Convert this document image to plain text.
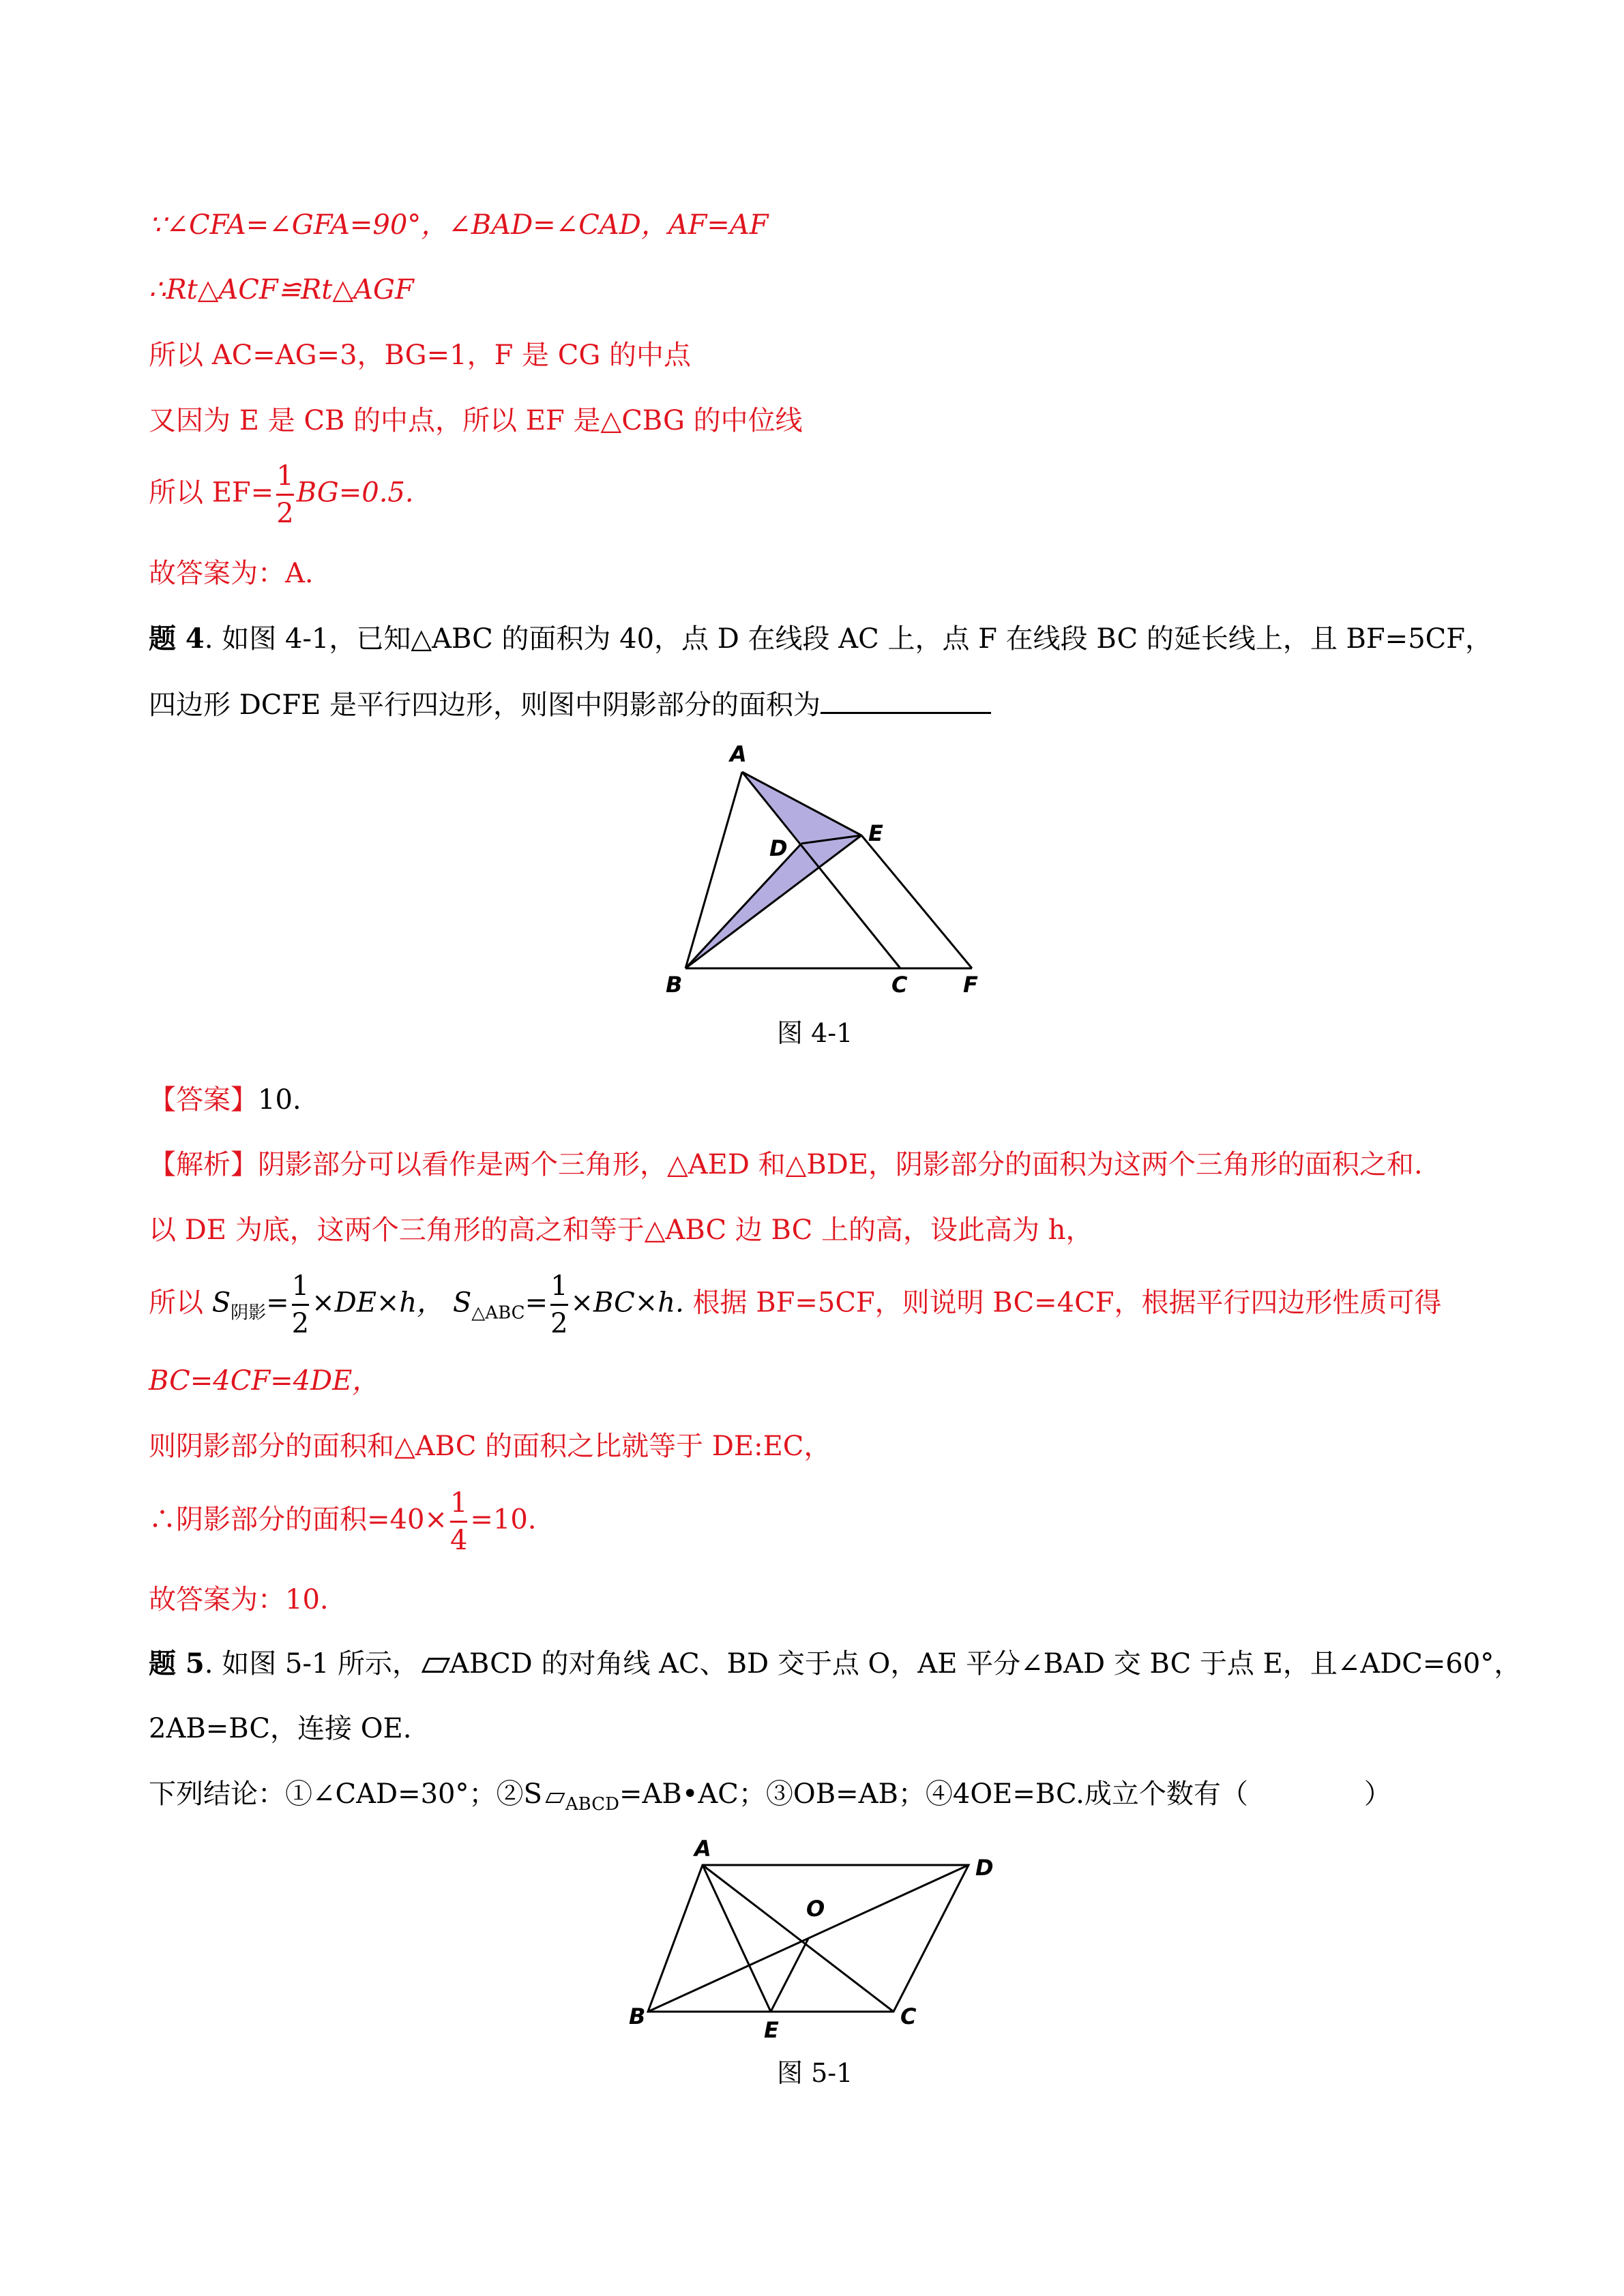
∵∠CFA=∠GFA=90°，∠BAD=∠CAD，AF=AF
∴Rt△ACF≌Rt△AGF
所以 AC=AG=3，BG=1，F 是 CG 的中点
又因为 E 是 CB 的中点，所以 EF 是△CBG 的中位线
所以 $EF= \frac{1}{2} BG=0.5$.
故答案为：A.
题 4. 如图 4-1，已知△ABC 的面积为 40，点 D 在线段 AC 上，点 F 在线段 BC 的延长线上，且 BF=5CF，
四边形 DCFE 是平行四边形，则图中阴影部分的面积为
A
D
E
B	C	F
图 4-1
【答案】10.
【解析】阴影部分可以看作是两个三角形，△AED 和△BDE，阴影部分的面积为这两个三角形的面积之和.
以 DE 为底，这两个三角形的高之和等于△ABC 边 BC 上的高，设此高为 h，
所以 $S_{阴影}= \frac{1}{2} \times DE\times h$， $S_{\triangle ABC}= \frac{1}{2} \times BC\times h$. 根据 BF=5CF，则说明 BC=4CF，根据平行四边形性质可得
BC=4CF=4DE，
则阴影部分的面积和△ABC 的面积之比就等于 DE:EC，
∴阴影部分的面积$=40\times \frac{1}{4} =10$.
故答案为：10.
题 5. 如图 5-1 所示， ABCD 的对角线 AC、BD 交于点 O，AE 平分∠BAD 交 BC 于点 E，且∠ADC=60°，
2AB=BC，连接 OE.
下列结论：①∠CAD=30°；②S $_{ABCD}$=AB•AC；③OB=AB；④4OE=BC.成立个数有（	）
A
D
O
B
E
C
图 5-1
